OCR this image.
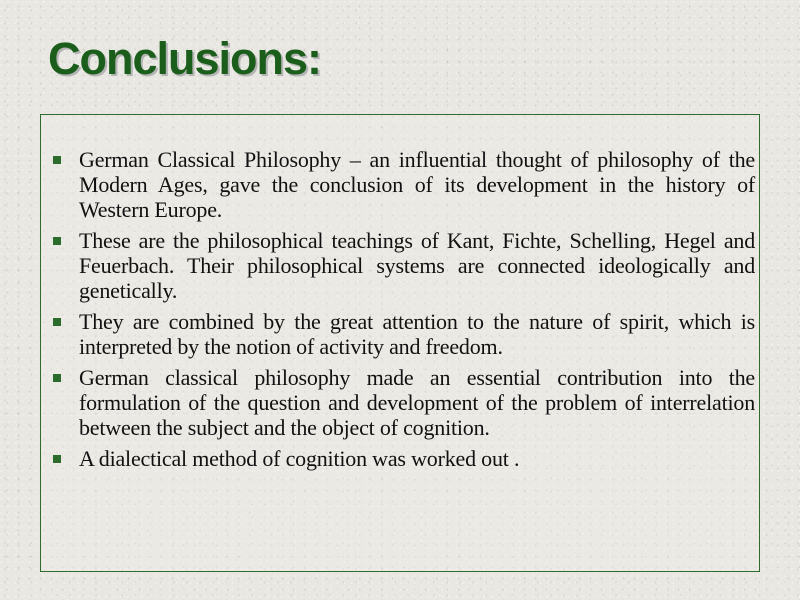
Conclusions:
German Classical Philosophy – an influential thought of philosophy of the Modern Ages, gave the conclusion of its development in the history of Western Europe.
These are the philosophical teachings of Kant, Fichte, Schelling, Hegel and Feuerbach. Their philosophical systems are connected ideologically and genetically.
They are combined by the great attention to the nature of spirit, which is interpreted by the notion of activity and freedom.
German classical philosophy made an essential contribution into the formulation of the question and development of the problem of interrelation between the subject and the object of cognition.
A dialectical method of cognition was worked out .
